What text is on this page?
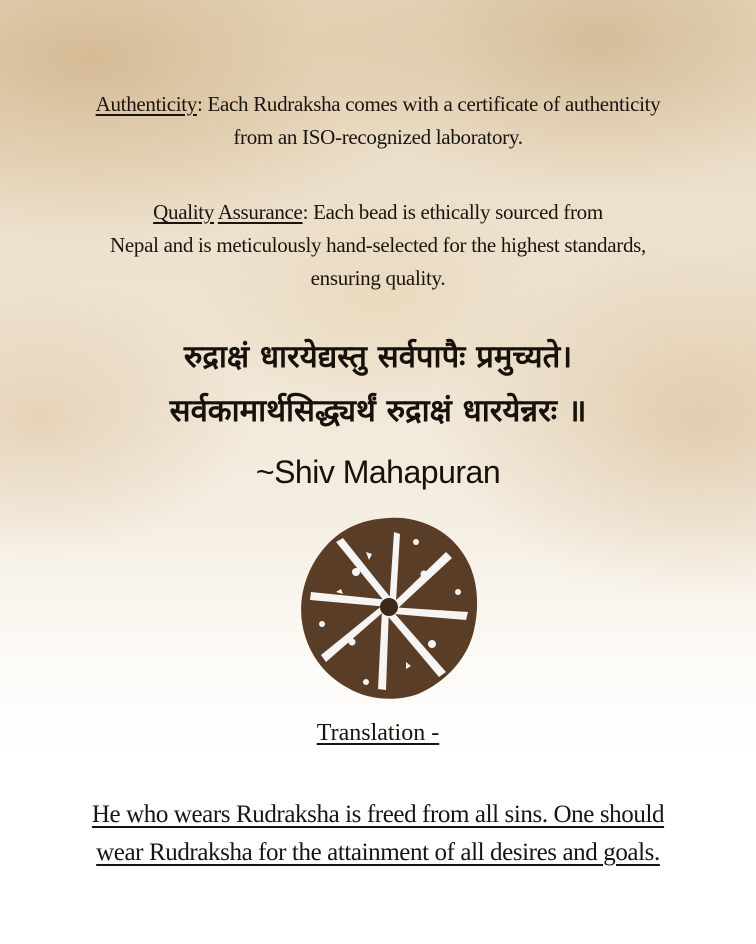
Authenticity: Each Rudraksha comes with a certificate of authenticity
from an ISO-recognized laboratory.
Quality Assurance: Each bead is ethically sourced from
Nepal and is meticulously hand-selected for the highest standards,
ensuring quality.
रुद्राक्षं धारयेद्यस्तु सर्वपापैः प्रमुच्यते।
सर्वकामार्थसिद्ध्यर्थं रुद्राक्षं धारयेन्नरः ॥
~Shiv Mahapuran
Translation -
He who wears Rudraksha is freed from all sins. One should
wear Rudraksha for the attainment of all desires and goals.
